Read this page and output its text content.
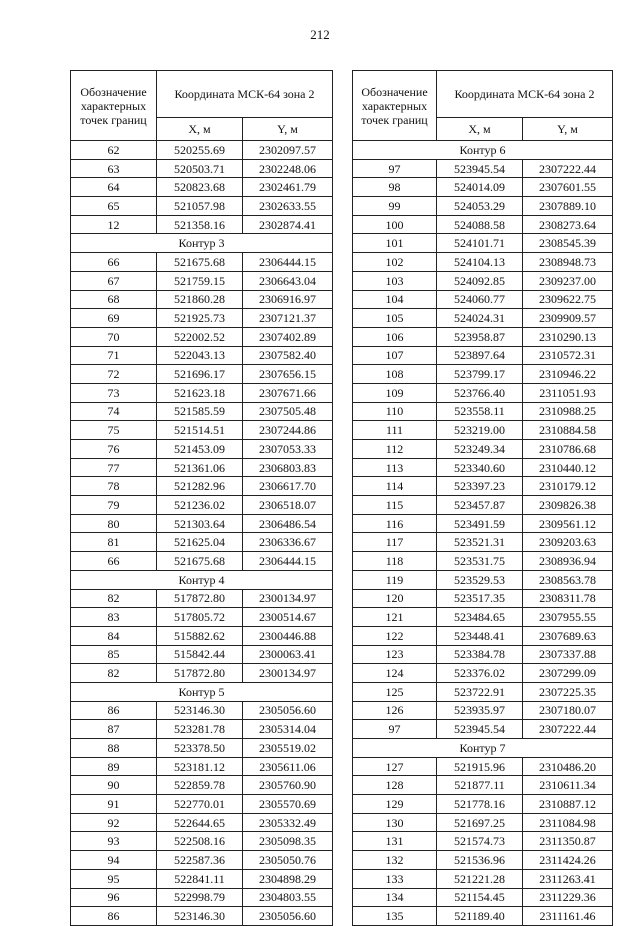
212
Обозначение характерных точек границ	Координата МСК-64 зона 2	
	X, м	Y, м
62	520255.69	2302097.57
63	520503.71	2302248.06
64	520823.68	2302461.79
65	521057.98	2302633.55
12	521358.16	2302874.41
Контур 3		
66	521675.68	2306444.15
67	521759.15	2306643.04
68	521860.28	2306916.97
69	521925.73	2307121.37
70	522002.52	2307402.89
71	522043.13	2307582.40
72	521696.17	2307656.15
73	521623.18	2307671.66
74	521585.59	2307505.48
75	521514.51	2307244.86
76	521453.09	2307053.33
77	521361.06	2306803.83
78	521282.96	2306617.70
79	521236.02	2306518.07
80	521303.64	2306486.54
81	521625.04	2306336.67
66	521675.68	2306444.15
Контур 4		
82	517872.80	2300134.97
83	517805.72	2300514.67
84	515882.62	2300446.88
85	515842.44	2300063.41
82	517872.80	2300134.97
Контур 5		
86	523146.30	2305056.60
87	523281.78	2305314.04
88	523378.50	2305519.02
89	523181.12	2305611.06
90	522859.78	2305760.90
91	522770.01	2305570.69
92	522644.65	2305332.49
93	522508.16	2305098.35
94	522587.36	2305050.76
95	522841.11	2304898.29
96	522998.79	2304803.55
86	523146.30	2305056.60
Обозначение характерных точек границ	Координата МСК-64 зона 2	
	X, м	Y, м
Контур 6		
97	523945.54	2307222.44
98	524014.09	2307601.55
99	524053.29	2307889.10
100	524088.58	2308273.64
101	524101.71	2308545.39
102	524104.13	2308948.73
103	524092.85	2309237.00
104	524060.77	2309622.75
105	524024.31	2309909.57
106	523958.87	2310290.13
107	523897.64	2310572.31
108	523799.17	2310946.22
109	523766.40	2311051.93
110	523558.11	2310988.25
111	523219.00	2310884.58
112	523249.34	2310786.68
113	523340.60	2310440.12
114	523397.23	2310179.12
115	523457.87	2309826.38
116	523491.59	2309561.12
117	523521.31	2309203.63
118	523531.75	2308936.94
119	523529.53	2308563.78
120	523517.35	2308311.78
121	523484.65	2307955.55
122	523448.41	2307689.63
123	523384.78	2307337.88
124	523376.02	2307299.09
125	523722.91	2307225.35
126	523935.97	2307180.07
97	523945.54	2307222.44
Контур 7		
127	521915.96	2310486.20
128	521877.11	2310611.34
129	521778.16	2310887.12
130	521697.25	2311084.98
131	521574.73	2311350.87
132	521536.96	2311424.26
133	521221.28	2311263.41
134	521154.45	2311229.36
135	521189.40	2311161.46
